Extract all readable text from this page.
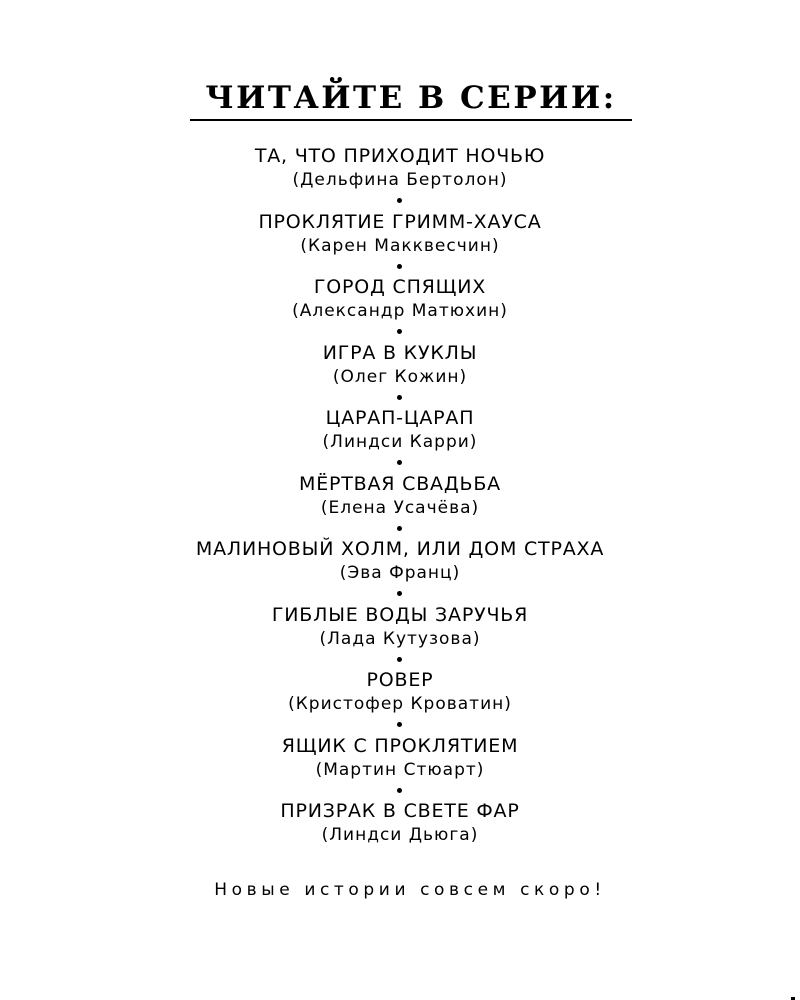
ЧИТАЙТЕ В СЕРИИ:
ТА, ЧТО ПРИХОДИТ НОЧЬЮ
(Дельфина Бертолон)
ПРОКЛЯТИЕ ГРИММ-ХАУСА
(Карен Макквесчин)
ГОРОД СПЯЩИХ
(Александр Матюхин)
ИГРА В КУКЛЫ
(Олег Кожин)
ЦАРАП-ЦАРАП
(Линдси Карри)
МЁРТВАЯ СВАДЬБА
(Елена Усачёва)
МАЛИНОВЫЙ ХОЛМ, ИЛИ ДОМ СТРАХА
(Эва Франц)
ГИБЛЫЕ ВОДЫ ЗАРУЧЬЯ
(Лада Кутузова)
РОВЕР
(Кристофер Кроватин)
ЯЩИК С ПРОКЛЯТИЕМ
(Мартин Стюарт)
ПРИЗРАК В СВЕТЕ ФАР
(Линдси Дьюга)
Новые истории совсем скоро!
